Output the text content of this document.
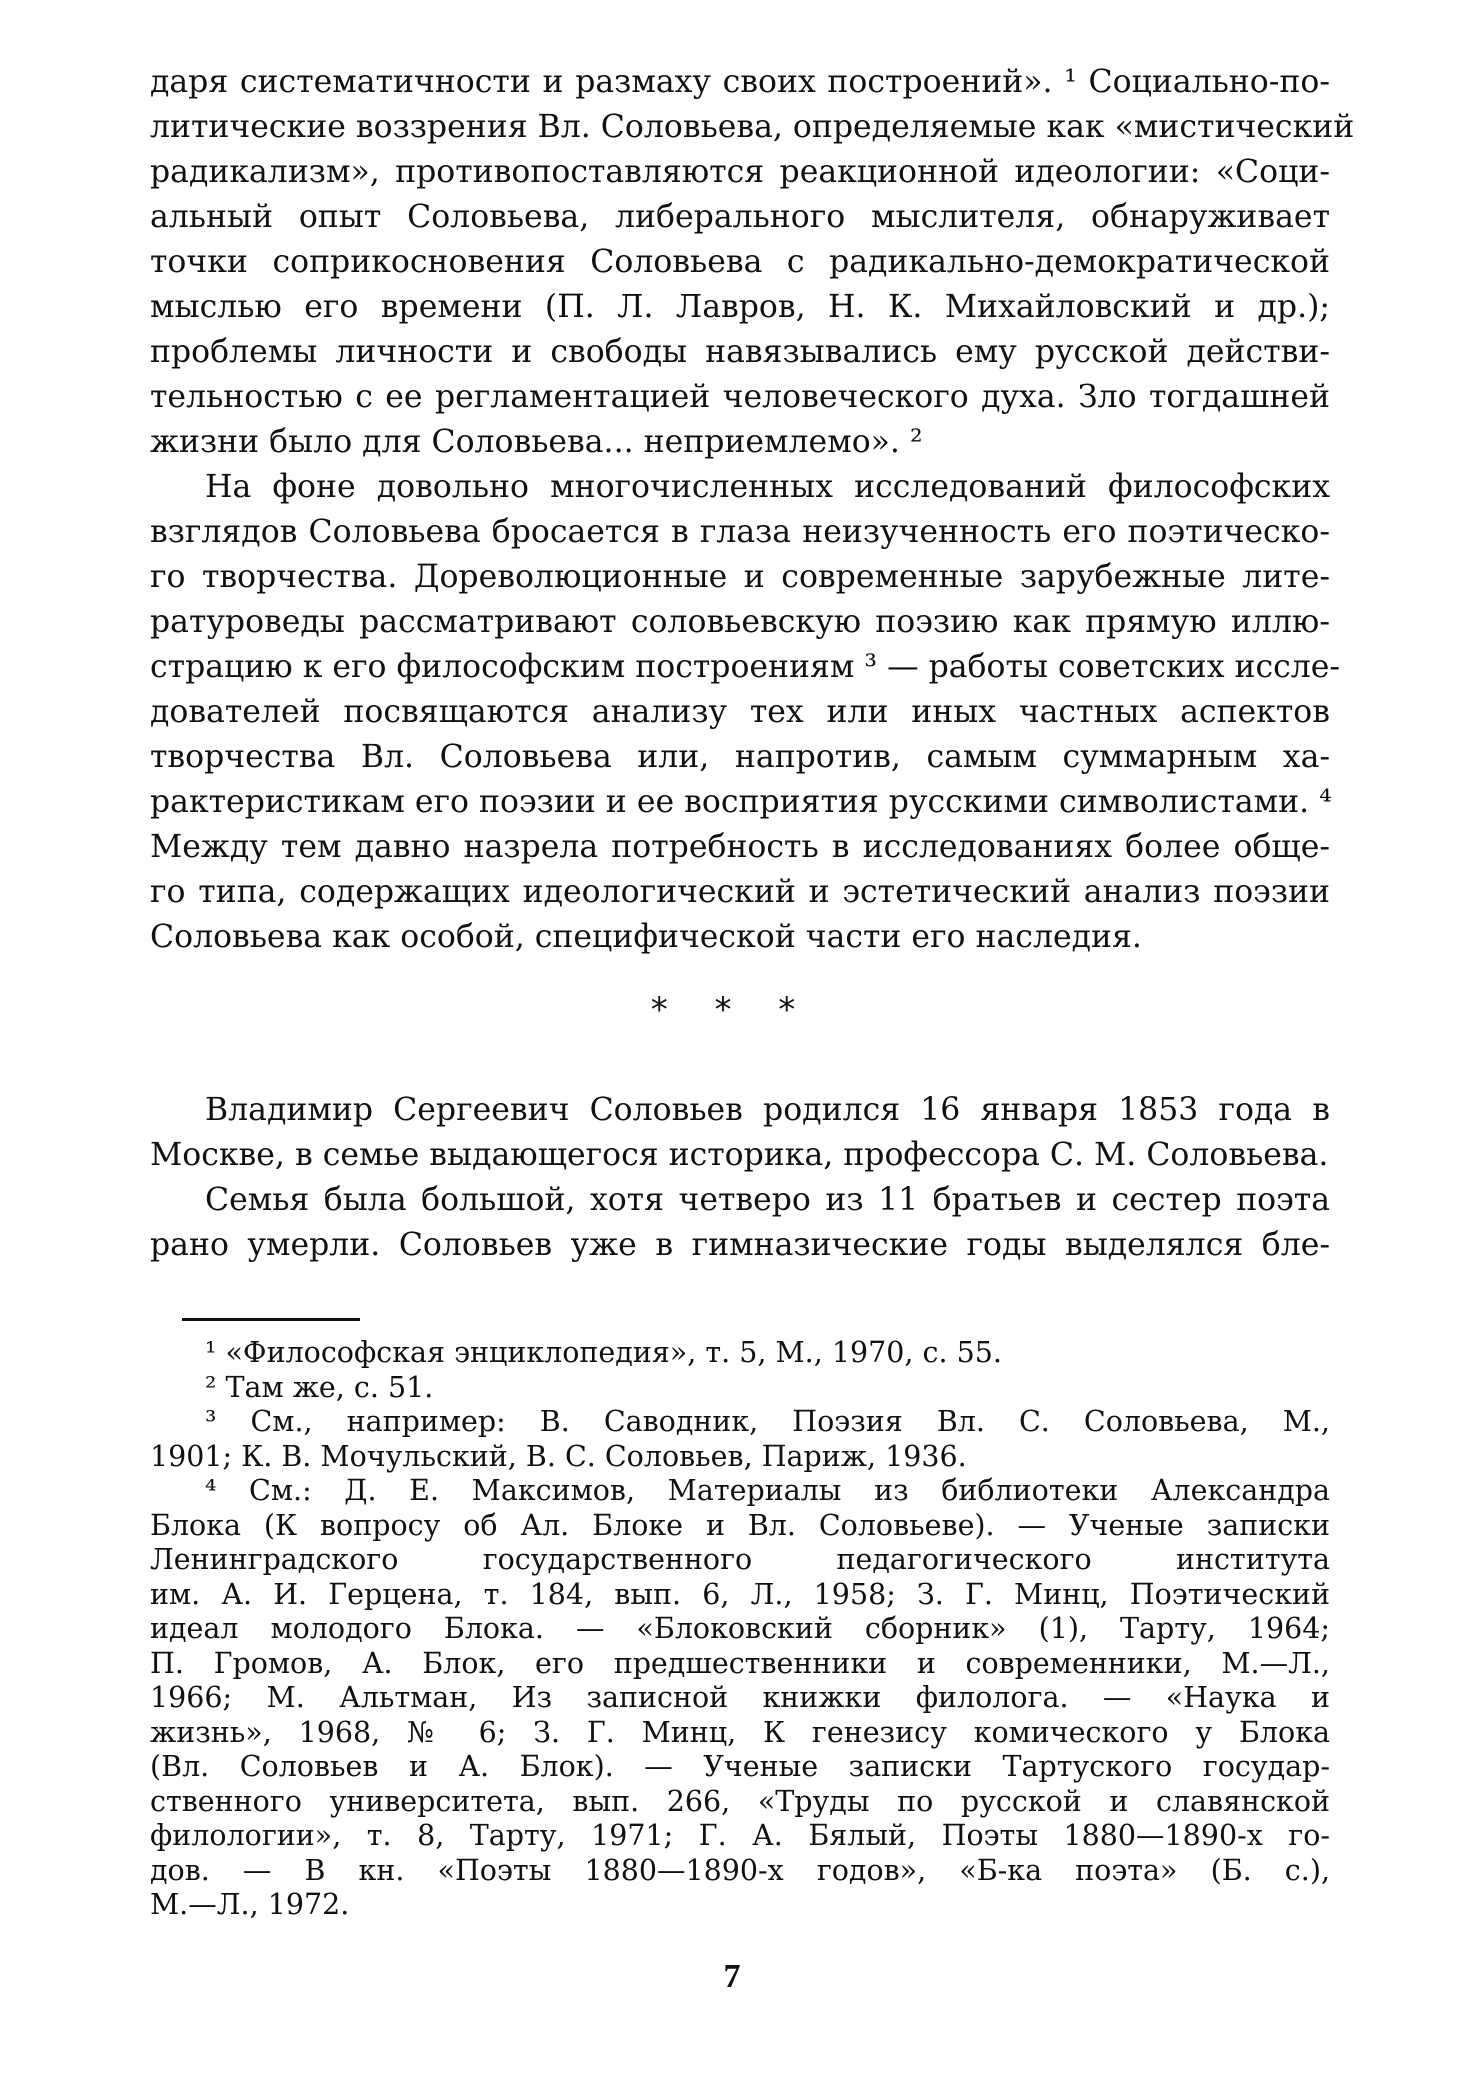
даря систематичности и размаху своих построений». ¹ Социально-по-
литические воззрения Вл. Соловьева, определяемые как «мистический
радикализм», противопоставляются реакционной идеологии: «Соци-
альный опыт Соловьева, либерального мыслителя, обнаруживает
точки соприкосновения Соловьева с радикально-демократической
мыслью его времени (П. Л. Лавров, Н. К. Михайловский и др.);
проблемы личности и свободы навязывались ему русской действи-
тельностью с ее регламентацией человеческого духа. Зло тогдашней
жизни было для Соловьева... неприемлемо». ²

На фоне довольно многочисленных исследований философских
взглядов Соловьева бросается в глаза неизученность его поэтическо-
го творчества. Дореволюционные и современные зарубежные лите-
ратуроведы рассматривают соловьевскую поэзию как прямую иллю-
страцию к его философским построениям ³ — работы советских иссле-
дователей посвящаются анализу тех или иных частных аспектов
творчества Вл. Соловьева или, напротив, самым суммарным ха-
рактеристикам его поэзии и ее восприятия русскими символистами. ⁴
Между тем давно назрела потребность в исследованиях более обще-
го типа, содержащих идеологический и эстетический анализ поэзии
Соловьева как особой, специфической части его наследия.

* * *
Владимир Сергеевич Соловьев родился 16 января 1853 года в
Москве, в семье выдающегося историка, профессора С. М. Соловьева.
Семья была большой, хотя четверо из 11 братьев и сестер поэта
рано умерли. Соловьев уже в гимназические годы выделялся бле-
¹ «Философская энциклопедия», т. 5, М., 1970, с. 55.
² Там же, с. 51.
³ См., например: В. Саводник, Поэзия Вл. С. Соловьева, М.,
1901; К. В. Мочульский, В. С. Соловьев, Париж, 1936.
⁴ См.: Д. Е. Максимов, Материалы из библиотеки Александра
Блока (К вопросу об Ал. Блоке и Вл. Соловьеве). — Ученые записки
Ленинградского государственного педагогического института
им. А. И. Герцена, т. 184, вып. 6, Л., 1958; З. Г. Минц, Поэтический
идеал молодого Блока. — «Блоковский сборник» (1), Тарту, 1964;
П. Громов, А. Блок, его предшественники и современники, М.—Л.,
1966; М. Альтман, Из записной книжки филолога. — «Наука и
жизнь», 1968, № 6; З. Г. Минц, К генезису комического у Блока
(Вл. Соловьев и А. Блок). — Ученые записки Тартуского государ-
ственного университета, вып. 266, «Труды по русской и славянской
филологии», т. 8, Тарту, 1971; Г. А. Бялый, Поэты 1880—1890-х го-
дов. — В кн. «Поэты 1880—1890-х годов», «Б-ка поэта» (Б. с.),
М.—Л., 1972.
7
